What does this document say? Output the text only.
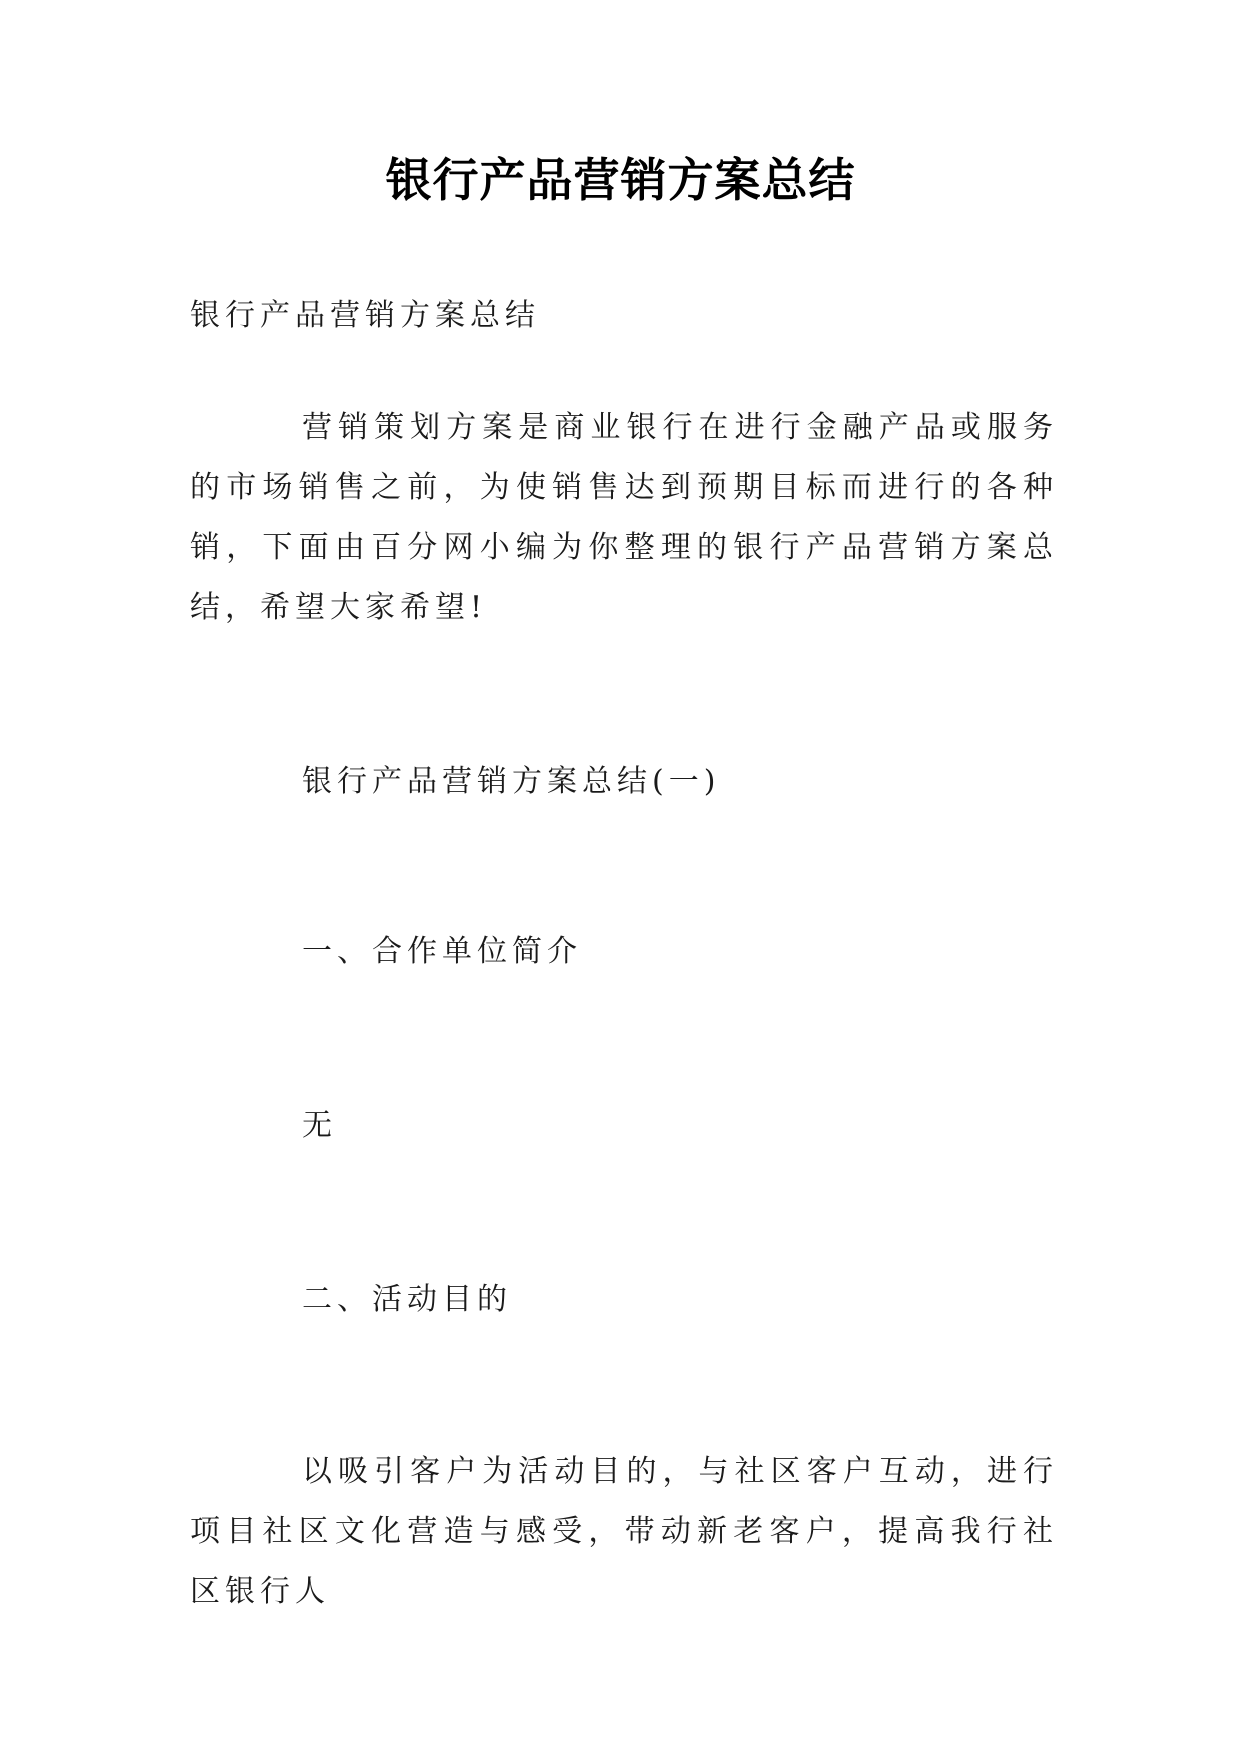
银行产品营销方案总结
银行产品营销方案总结
营销策划方案是商业银行在进行金融产品或服务的市场销售之前，为使销售达到预期目标而进行的各种销，下面由百分网小编为你整理的银行产品营销方案总结，希望大家希望!
银行产品营销方案总结(一)
一、合作单位简介
无
二、活动目的
以吸引客户为活动目的，与社区客户互动，进行项目社区文化营造与感受，带动新老客户，提高我行社区银行人
